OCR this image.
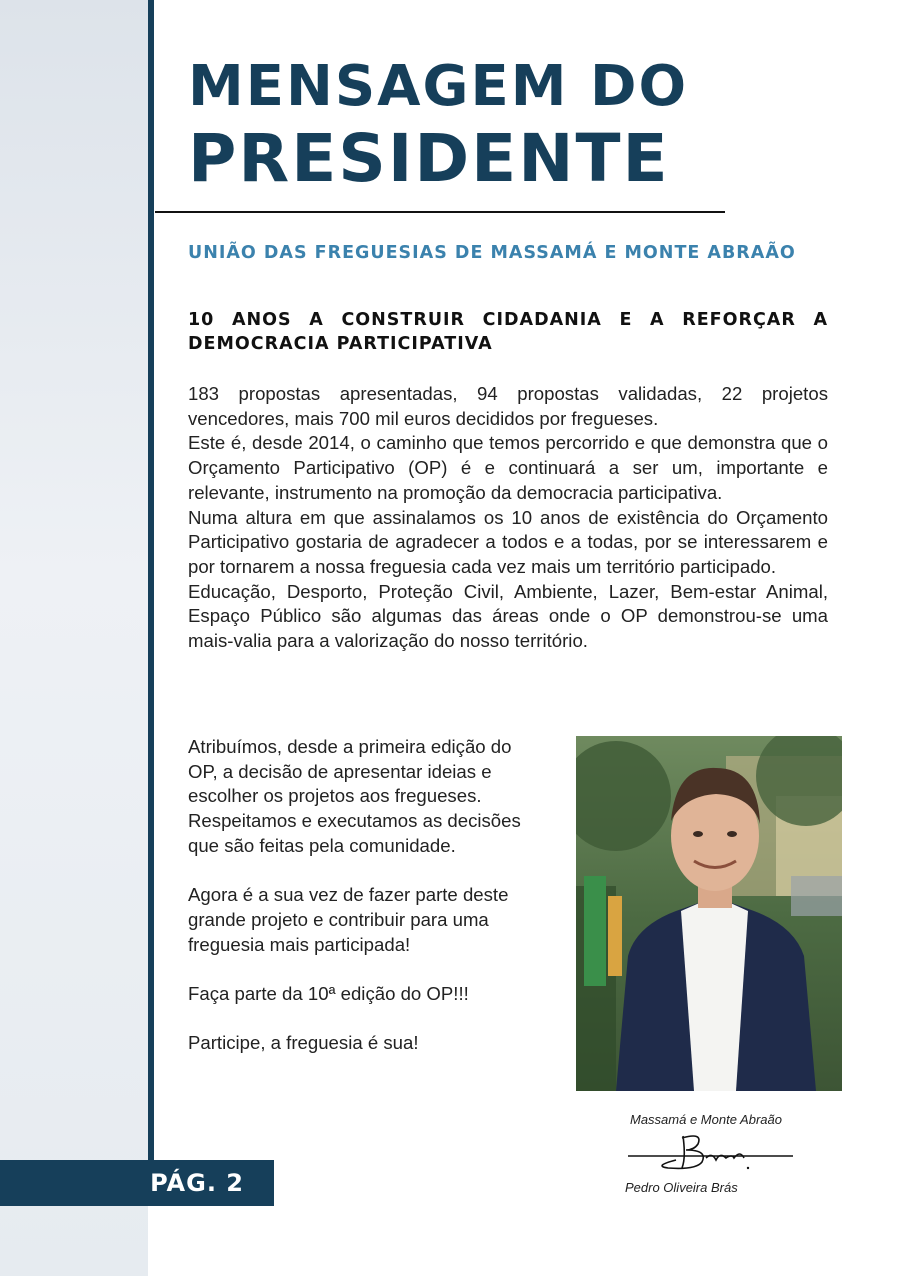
MENSAGEM DO
PRESIDENTE
UNIÃO DAS FREGUESIAS DE MASSAMÁ E MONTE ABRAÃO
10 ANOS A CONSTRUIR CIDADANIA E A REFORÇAR A DEMOCRACIA PARTICIPATIVA

183 propostas apresentadas, 94 propostas validadas, 22 projetos vencedores, mais 700 mil euros decididos por fregueses.

Este é, desde 2014, o caminho que temos percorrido e que demonstra que o Orçamento Participativo (OP) é e continuará a ser um, importante e relevante, instrumento na promoção da democracia participativa.

Numa altura em que assinalamos os 10 anos de existência do Orçamento Participativo gostaria de agradecer a todos e a todas, por se interessarem e por tornarem a nossa freguesia cada vez mais um território participado.

Educação, Desporto, Proteção Civil, Ambiente, Lazer, Bem-estar Animal, Espaço Público são algumas das áreas onde o OP demonstrou-se uma mais-valia para a valorização do nosso território.

Atribuímos, desde a primeira edição do OP, a decisão de apresentar ideias e escolher os projetos aos fregueses. Respeitamos e executamos as decisões que são feitas pela comunidade.

Agora é a sua vez de fazer parte deste grande projeto e contribuir para uma freguesia mais participada!

Faça parte da 10ª edição do OP!!!

Participe, a freguesia é sua!

Massamá e Monte Abraão
Pedro Oliveira Brás
PÁG. 2
